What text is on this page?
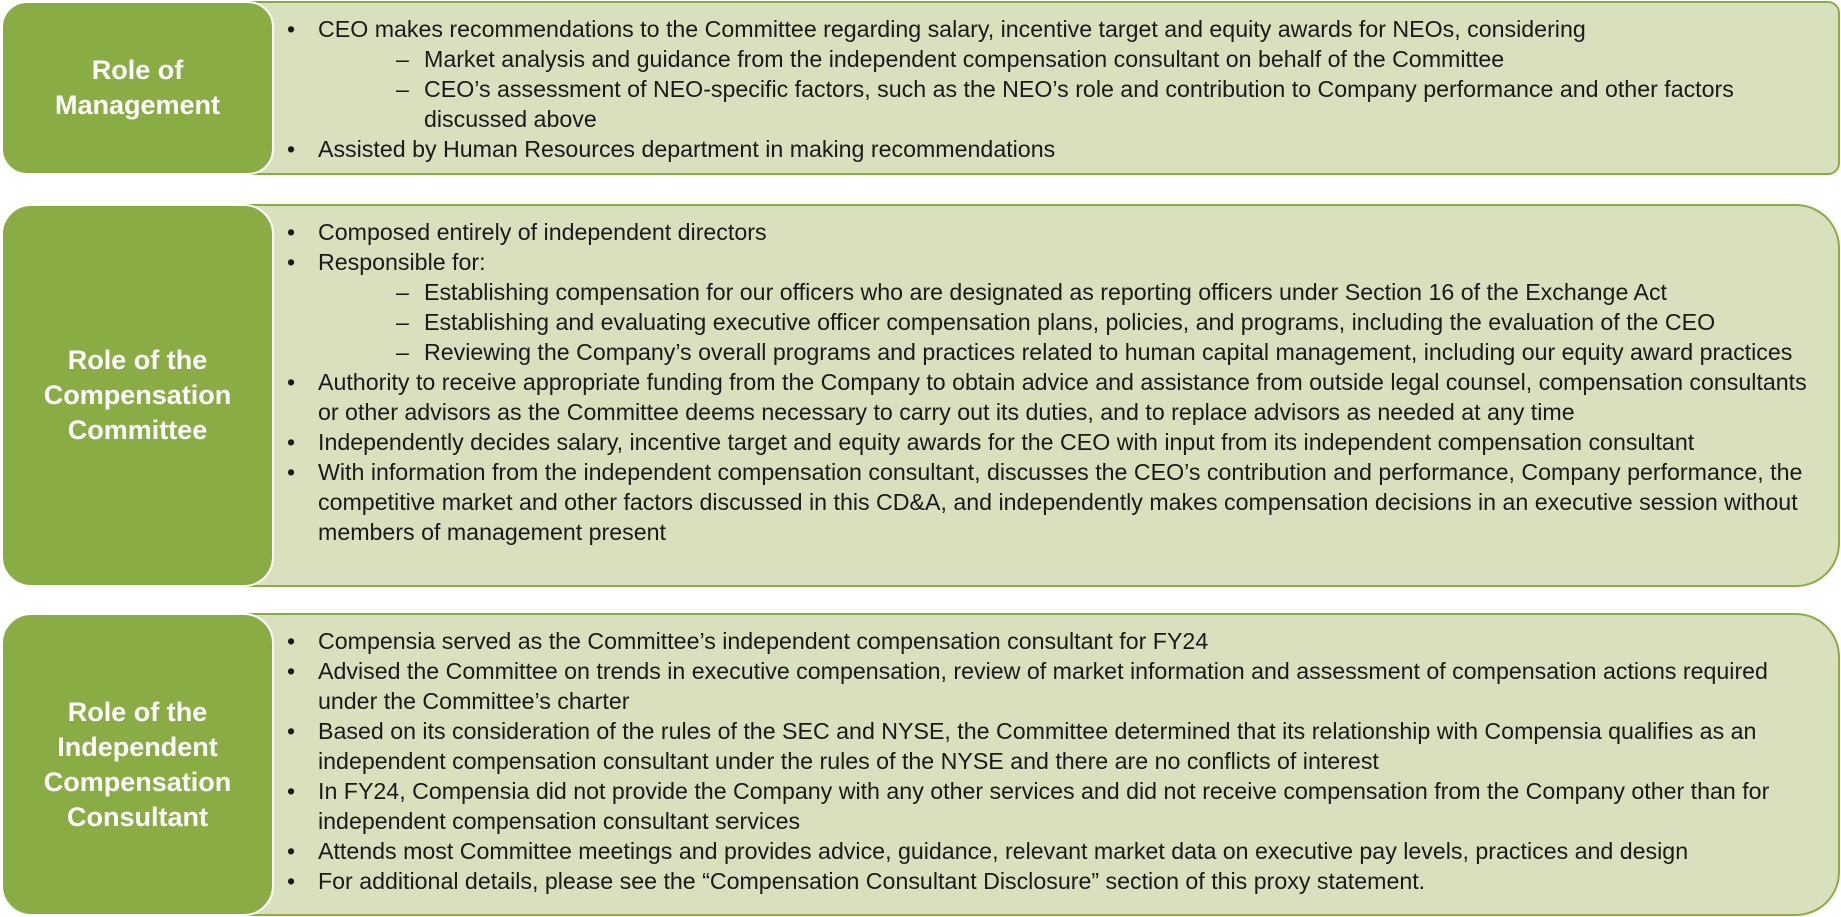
Role of
Management
• CEO makes recommendations to the Committee regarding salary, incentive target and equity awards for NEOs, considering
– Market analysis and guidance from the independent compensation consultant on behalf of the Committee
– CEO’s assessment of NEO-specific factors, such as the NEO’s role and contribution to Company performance and other factors discussed above
• Assisted by Human Resources department in making recommendations
Role of the
Compensation
Committee
• Composed entirely of independent directors
• Responsible for:
– Establishing compensation for our officers who are designated as reporting officers under Section 16 of the Exchange Act
– Establishing and evaluating executive officer compensation plans, policies, and programs, including the evaluation of the CEO
– Reviewing the Company’s overall programs and practices related to human capital management, including our equity award practices
• Authority to receive appropriate funding from the Company to obtain advice and assistance from outside legal counsel, compensation consultants or other advisors as the Committee deems necessary to carry out its duties, and to replace advisors as needed at any time
• Independently decides salary, incentive target and equity awards for the CEO with input from its independent compensation consultant
• With information from the independent compensation consultant, discusses the CEO’s contribution and performance, Company performance, the competitive market and other factors discussed in this CD&A, and independently makes compensation decisions in an executive session without members of management present
Role of the
Independent
Compensation
Consultant
• Compensia served as the Committee’s independent compensation consultant for FY24
• Advised the Committee on trends in executive compensation, review of market information and assessment of compensation actions required under the Committee’s charter
• Based on its consideration of the rules of the SEC and NYSE, the Committee determined that its relationship with Compensia qualifies as an independent compensation consultant under the rules of the NYSE and there are no conflicts of interest
• In FY24, Compensia did not provide the Company with any other services and did not receive compensation from the Company other than for independent compensation consultant services
• Attends most Committee meetings and provides advice, guidance, relevant market data on executive pay levels, practices and design
• For additional details, please see the “Compensation Consultant Disclosure” section of this proxy statement.
